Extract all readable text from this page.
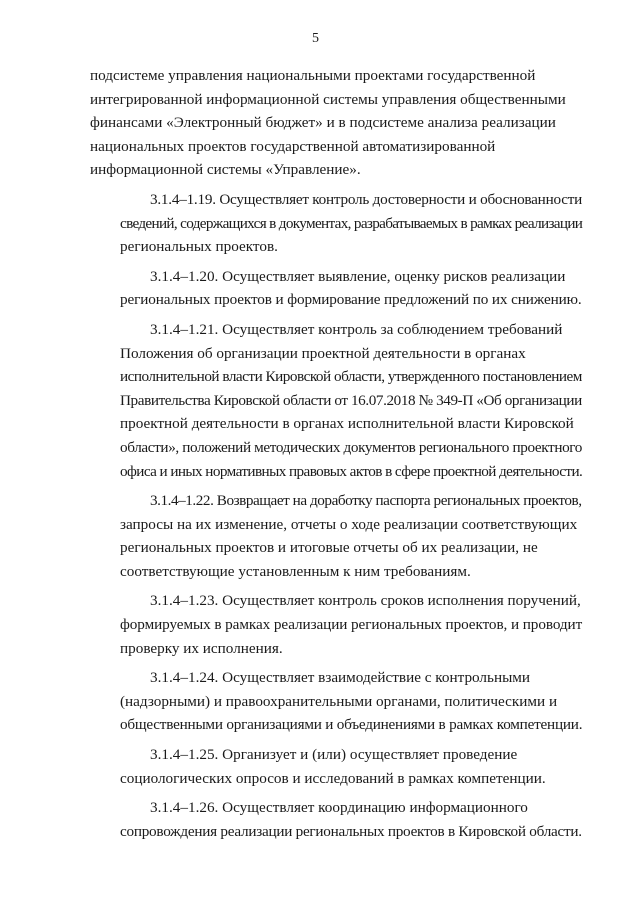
5

подсистеме управления национальными проектами государственной
интегрированной информационной системы управления общественными
финансами «Электронный бюджет» и в подсистеме анализа реализации
национальных проектов государственной автоматизированной
информационной системы «Управление».

3.1.4–1.19. Осуществляет контроль достоверности и обоснованности
сведений, содержащихся в документах, разрабатываемых в рамках реализации
региональных проектов.

3.1.4–1.20. Осуществляет выявление, оценку рисков реализации
региональных проектов и формирование предложений по их снижению.

3.1.4–1.21. Осуществляет контроль за соблюдением требований
Положения об организации проектной деятельности в органах
исполнительной власти Кировской области, утвержденного постановлением
Правительства Кировской области от 16.07.2018 № 349-П «Об организации
проектной деятельности в органах исполнительной власти Кировской
области», положений методических документов регионального проектного
офиса и иных нормативных правовых актов в сфере проектной деятельности.

3.1.4–1.22. Возвращает на доработку паспорта региональных проектов,
запросы на их изменение, отчеты о ходе реализации соответствующих
региональных проектов и итоговые отчеты об их реализации, не
соответствующие установленным к ним требованиям.

3.1.4–1.23. Осуществляет контроль сроков исполнения поручений,
формируемых в рамках реализации региональных проектов, и проводит
проверку их исполнения.

3.1.4–1.24. Осуществляет взаимодействие с контрольными
(надзорными) и правоохранительными органами, политическими и
общественными организациями и объединениями в рамках компетенции.

3.1.4–1.25. Организует и (или) осуществляет проведение
социологических опросов и исследований в рамках компетенции.

3.1.4–1.26. Осуществляет координацию информационного
сопровождения реализации региональных проектов в Кировской области.
